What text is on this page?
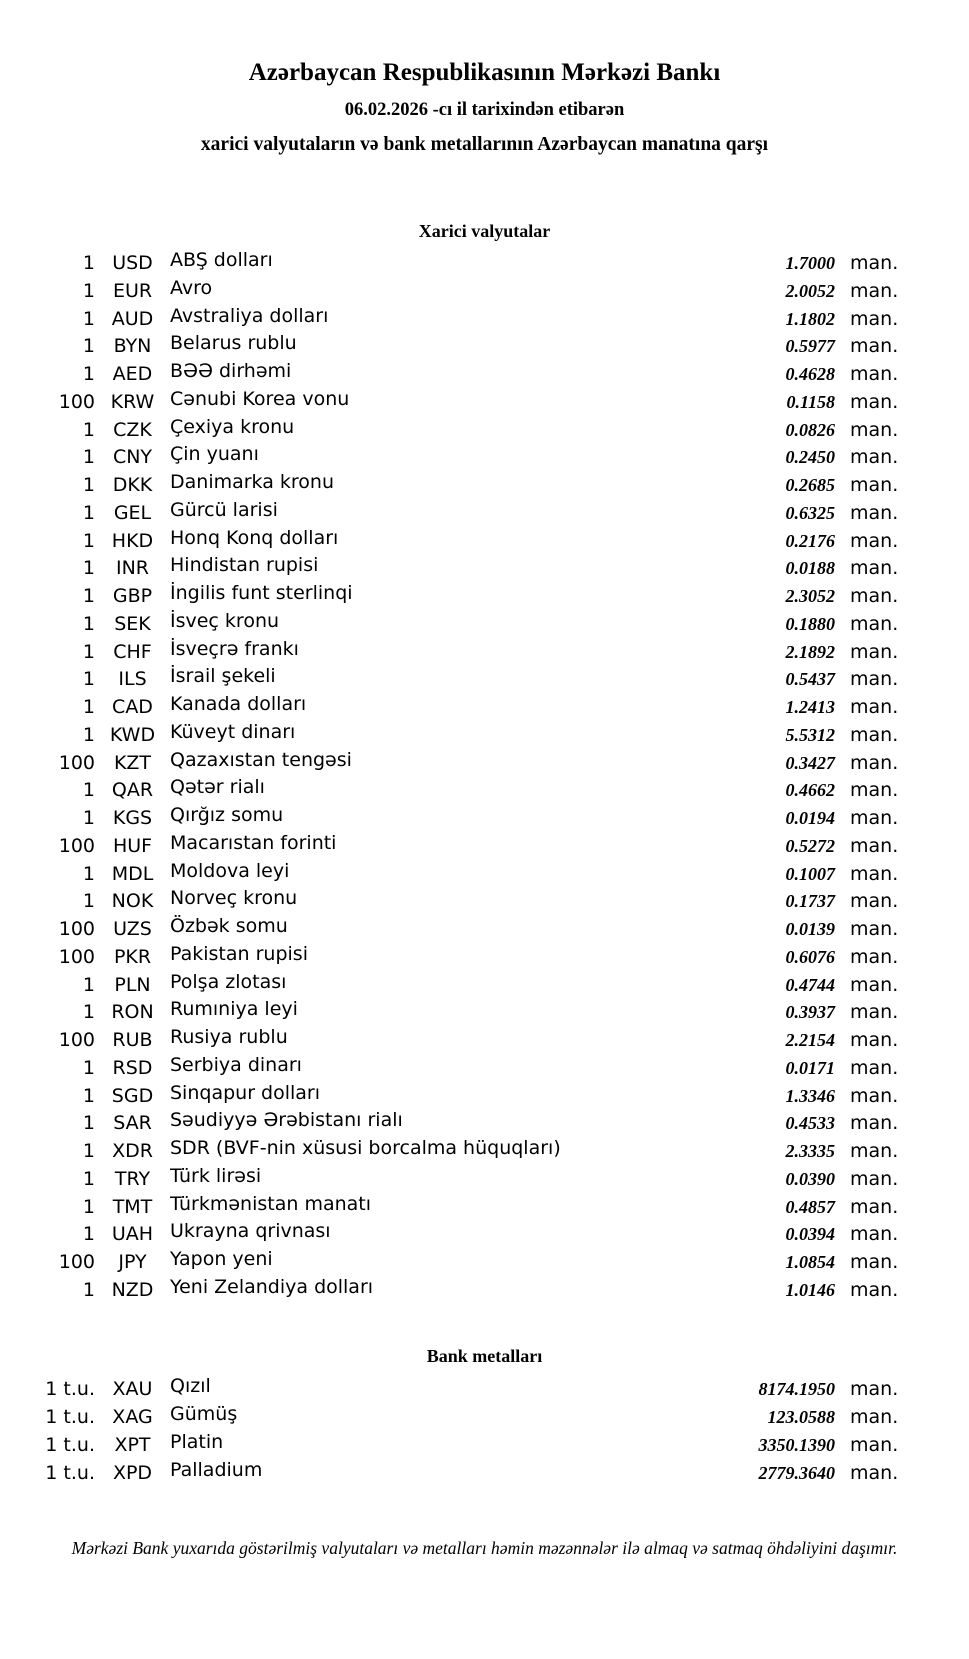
Azərbaycan Respublikasının Mərkəzi Bankı
06.02.2026 -cı il tarixindən etibarən
xarici valyutaların və bank metallarının Azərbaycan manatına qarşı
Xarici valyutalar
1 USD ABŞ dolları	1.7000 man.
1 EUR Avro	2.0052 man.
1 AUD Avstraliya dolları	1.1802 man.
1 BYN Belarus rublu	0.5977 man.
1 AED BƏƏ dirhəmi	0.4628 man.
100 KRW Cənubi Korea vonu	0.1158 man.
1 CZK Çexiya kronu	0.0826 man.
1 CNY Çin yuanı	0.2450 man.
1 DKK Danimarka kronu	0.2685 man.
1 GEL Gürcü larisi	0.6325 man.
1 HKD Honq Konq dolları	0.2176 man.
1	INR	Hindistan rupisi	0.0188 man.
1 GBP İngilis funt sterlinqi	2.3052 man.
1	SEK	İsveç kronu	0.1880 man.
1 CHF İsveçrə frankı	2.1892 man.
1	ILS	İsrail şekeli	0.5437 man.
1 CAD Kanada dolları	1.2413 man.
1 KWD Küveyt dinarı	5.5312 man.
100 KZT Qazaxıstan tengəsi	0.3427 man.
1 QAR Qətər rialı	0.4662 man.
1 KGS Qırğız somu	0.0194 man.
100 HUF Macarıstan forinti	0.5272 man.
1 MDL Moldova leyi	0.1007 man.
1 NOK Norveç kronu	0.1737 man.
100 UZS Özbək somu	0.0139 man.
100 PKR Pakistan rupisi	0.6076 man.
1	PLN	Polşa zlotası	0.4744 man.
1 RON Rumıniya leyi	0.3937 man.
100 RUB Rusiya rublu	2.2154 man.
1 RSD Serbiya dinarı	0.0171 man.
1 SGD Sinqapur dolları	1.3346 man.
1 SAR Səudiyyə Ərəbistanı rialı	0.4533 man.
1 XDR SDR (BVF-nin xüsusi borcalma hüquqları)	2.3335 man.
1	TRY	Türk lirəsi	0.0390 man.
1 TMT Türkmənistan manatı	0.4857 man.
1 UAH Ukrayna qrivnası	0.0394 man.
100	JPY	Yapon yeni	1.0854 man.
1 NZD Yeni Zelandiya dolları	1.0146 man.
Bank metalları
1 t.u. XAU Qızıl	8174.1950 man.
1 t.u. XAG Gümüş	123.0588 man.
1 t.u.	XPT	Platin	3350.1390 man.
1 t.u. XPD Palladium	2779.3640 man.
Mərkəzi Bank yuxarıda göstərilmiş valyutaları və metalları həmin məzənnələr ilə almaq və satmaq öhdəliyini daşımır.
